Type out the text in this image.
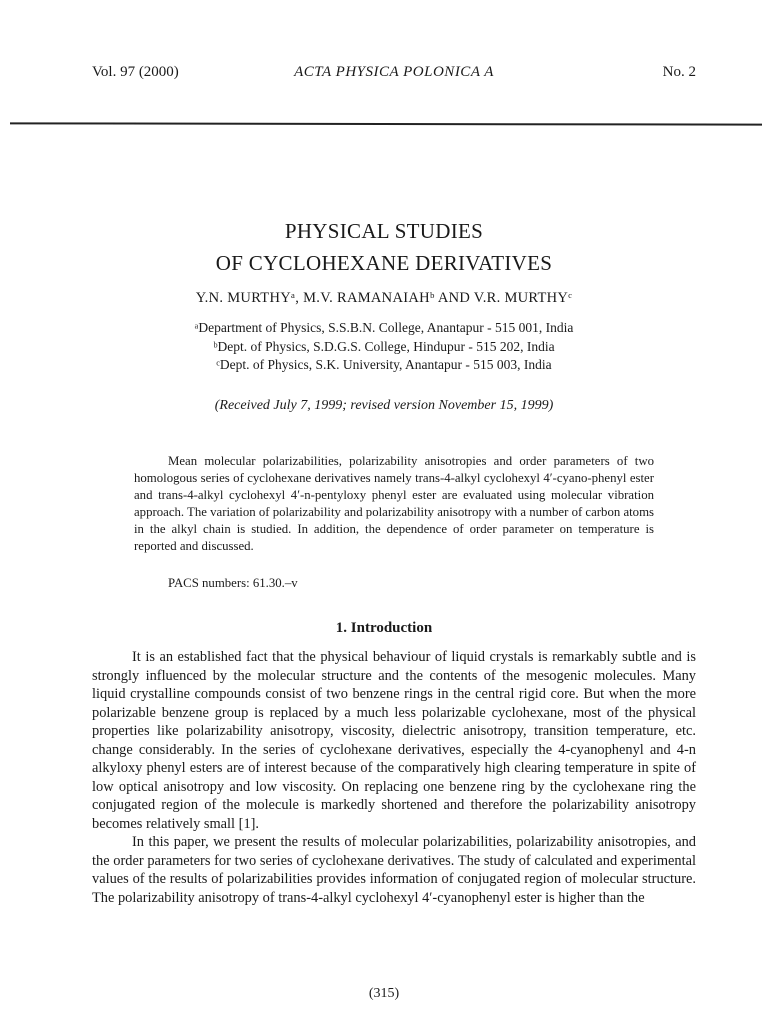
Vol. 97 (2000)	ACTA PHYSICA POLONICA A	No. 2
PHYSICAL STUDIES
OF CYCLOHEXANE DERIVATIVES
Y.N. MURTHYᵃ, M.V. RAMANAIAHᵇ AND V.R. MURTHYᶜ
ᵃDepartment of Physics, S.S.B.N. College, Anantapur - 515 001, India
ᵇDept. of Physics, S.D.G.S. College, Hindupur - 515 202, India
ᶜDept. of Physics, S.K. University, Anantapur - 515 003, India
(Received July 7, 1999; revised version November 15, 1999)

Mean molecular polarizabilities, polarizability anisotropies and order parameters of two homologous series of cyclohexane derivatives namely trans-4-alkyl cyclohexyl 4′-cyano-phenyl ester and trans-4-alkyl cyclohexyl 4′-n-pentyloxy phenyl ester are evaluated using molecular vibration approach. The variation of polarizability and polarizability anisotropy with a number of carbon atoms in the alkyl chain is studied. In addition, the dependence of order parameter on temperature is reported and discussed.

PACS numbers: 61.30.–v
1. Introduction

It is an established fact that the physical behaviour of liquid crystals is remarkably subtle and is strongly influenced by the molecular structure and the contents of the mesogenic molecules. Many liquid crystalline compounds consist of two benzene rings in the central rigid core. But when the more polarizable benzene group is replaced by a much less polarizable cyclohexane, most of the physical properties like polarizability anisotropy, viscosity, dielectric anisotropy, transition temperature, etc. change considerably. In the series of cyclohexane derivatives, especially the 4-cyanophenyl and 4-n alkyloxy phenyl esters are of interest because of the comparatively high clearing temperature in spite of low optical anisotropy and low viscosity. On replacing one benzene ring by the cyclohexane ring the conjugated region of the molecule is markedly shortened and therefore the polarizability anisotropy becomes relatively small [1].

In this paper, we present the results of molecular polarizabilities, polarizability anisotropies, and the order parameters for two series of cyclohexane derivatives. The study of calculated and experimental values of the results of polarizabilities provides information of conjugated region of molecular structure. The polarizability anisotropy of trans-4-alkyl cyclohexyl 4′-cyanophenyl ester is higher than the

(315)
